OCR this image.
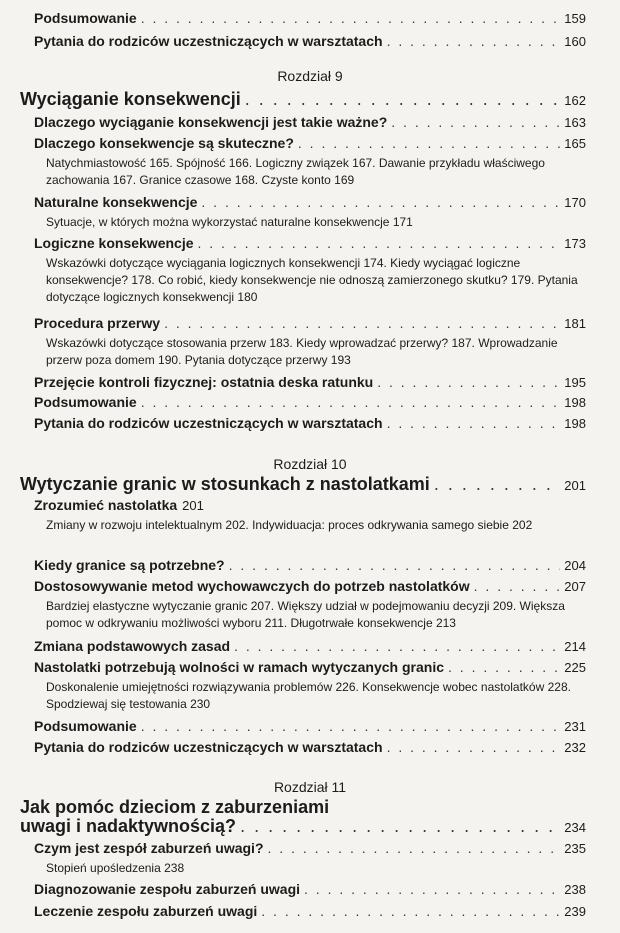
Podsumowanie . . .	159
Pytania do rodziców uczestniczących w warsztatach . . .	160
Rozdział 9
Wyciąganie konsekwencji . . .	162
Dlaczego wyciąganie konsekwencji jest takie ważne? . . .	163
Dlaczego konsekwencje są skuteczne? . . .	165
Natychmiastowość 165. Spójność 166. Logiczny związek 167. Dawanie przykładu właściwego zachowania 167. Granice czasowe 168. Czyste konto 169
Naturalne konsekwencje . . .	170
Sytuacje, w których można wykorzystać naturalne konsekwencje 171
Logiczne konsekwencje . . .	173
Wskazówki dotyczące wyciągania logicznych konsekwencji 174. Kiedy wyciągać logiczne konsekwencje? 178. Co robić, kiedy konsekwencje nie odnoszą zamierzonego skutku? 179. Pytania dotyczące logicznych konsekwencji 180
Procedura przerwy . . .	181
Wskazówki dotyczące stosowania przerw 183. Kiedy wprowadzać przerwy? 187. Wprowadzanie przerw poza domem 190. Pytania dotyczące przerwy 193
Przejęcie kontroli fizycznej: ostatnia deska ratunku . . .	195
Podsumowanie . . .	198
Pytania do rodziców uczestniczących w warsztatach . . .	198
Rozdział 10
Wytyczanie granic w stosunkach z nastolatkami . . .	201
Zrozumieć nastolatka 201
Zmiany w rozwoju intelektualnym 202. Indywiduacja: proces odkrywania samego siebie 202
Kiedy granice są potrzebne? . . .	204
Dostosowywanie metod wychowawczych do potrzeb nastolatków . . .	207
Bardziej elastyczne wytyczanie granic 207. Większy udział w podejmowaniu decyzji 209. Większa pomoc w odkrywaniu możliwości wyboru 211. Długotrwałe konsekwencje 213
Zmiana podstawowych zasad . . .	214
Nastolatki potrzebują wolności w ramach wytyczanych granic . . .	225
Doskonalenie umiejętności rozwiązywania problemów 226. Konsekwencje wobec nastolatków 228. Spodziewaj się testowania 230
Podsumowanie . . .	231
Pytania do rodziców uczestniczących w warsztatach . . .	232
Rozdział 11
Jak pomóc dzieciom z zaburzeniami
uwagi i nadaktywnością? . . .	234
Czym jest zespół zaburzeń uwagi? . . .	235
Stopień upośledzenia 238
Diagnozowanie zespołu zaburzeń uwagi . . .	238
Leczenie zespołu zaburzeń uwagi . . .	239
